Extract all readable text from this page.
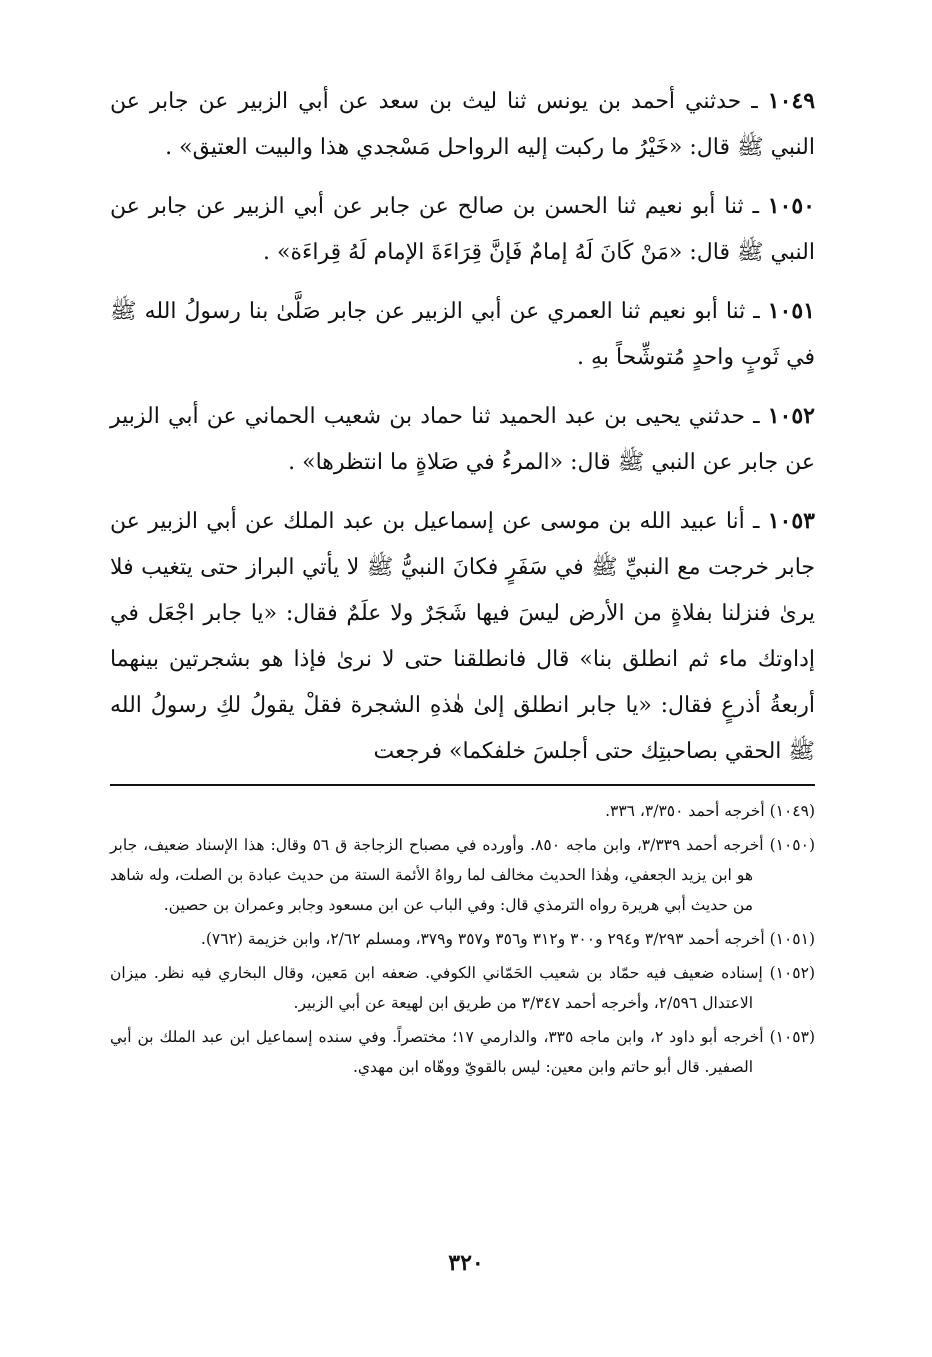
١٠٤٩ ـ حدثني أحمد بن يونس ثنا ليث بن سعد عن أبي الزبير عن جابر عن النبي ﷺ قال: «خَيْرُ ما ركبت إليه الرواحل مَسْجدي هذا والبيت العتيق» .

١٠٥٠ ـ ثنا أبو نعيم ثنا الحسن بن صالح عن جابر عن أبي الزبير عن جابر عن النبي ﷺ قال: «مَنْ كَانَ لَهُ إمامٌ فَإنَّ قِرَاءَةَ الإمام لَهُ قِراءَة» .

١٠٥١ ـ ثنا أبو نعيم ثنا العمري عن أبي الزبير عن جابر صَلَّىٰ بنا رسولُ الله ﷺ في ثَوبٍ واحدٍ مُتوشِّحاً بهِ .

١٠٥٢ ـ حدثني يحيى بن عبد الحميد ثنا حماد بن شعيب الحماني عن أبي الزبير عن جابر عن النبي ﷺ قال: «المرءُ في صَلاةٍ ما انتظرها» .

١٠٥٣ ـ أنا عبيد الله بن موسى عن إسماعيل بن عبد الملك عن أبي الزبير عن جابر خرجت مع النبيِّ ﷺ في سَفَرٍ فكانَ النبيُّ ﷺ لا يأتي البراز حتى يتغيب فلا يرىٰ فنزلنا بفلاةٍ من الأرض ليسَ فيها شَجَرٌ ولا علَمٌ فقال: «يا جابر اجْعَل في إداوتك ماء ثم انطلق بنا» قال فانطلقنا حتى لا نرىٰ فإذا هو بشجرتين بينهما أربعةُ أذرعٍ فقال: «يا جابر انطلق إلىٰ هٰذهِ الشجرة فقلْ يقولُ لكِ رسولُ الله ﷺ الحقي بصاحبتِك حتى أجلسَ خلفكما» فرجعت

(١٠٤٩) أخرجه أحمد ٣/٣٥٠، ٣٣٦.

(١٠٥٠) أخرجه أحمد ٣/٣٣٩، وابن ماجه ٨٥٠. وأورده في مصباح الزجاجة ق ٥٦ وقال: هذا الإسناد ضعيف، جابر هو ابن يزيد الجعفي، وهٰذا الحديث مخالف لما رواهُ الأئمة الستة من حديث عبادة بن الصلت، وله شاهد من حديث أبي هريرة رواه الترمذي قال: وفي الباب عن ابن مسعود وجابر وعمران بن حصين.

(١٠٥١) أخرجه أحمد ٣/٢٩٣ و٢٩٤ و٣٠٠ و٣١٢ و٣٥٦ و٣٥٧ و٣٧٩، ومسلم ٢/٦٢، وابن خزيمة (٧٦٢).

(١٠٥٢) إسناده ضعيف فيه حمّاد بن شعيب الحَمّاني الكوفي. ضعفه ابن مَعين، وقال البخاري فيه نظر. ميزان الاعتدال ٢/٥٩٦، وأخرجه أحمد ٣/٣٤٧ من طريق ابن لهيعة عن أبي الزبير.

(١٠٥٣) أخرجه أبو داود ٢، وابن ماجه ٣٣٥، والدارمي ١٧؛ مختصراً. وفي سنده إسماعيل ابن عبد الملك بن أبي الصفير. قال أبو حاتم وابن معين: ليس بالقويّ ووهّاه ابن مهدي.

٣٢٠
